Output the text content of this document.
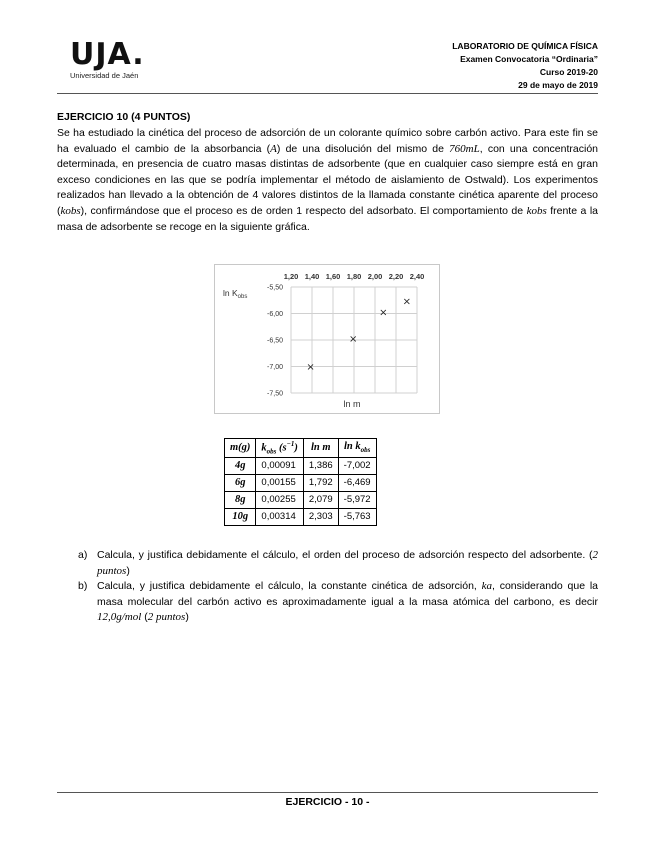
UJA.
Universidad de Jaén
LABORATORIO DE QUÍMICA FÍSICA
Examen Convocatoria “Ordinaria”
Curso 2019-20
29 de mayo de 2019
EJERCICIO 10 (4 PUNTOS)
Se ha estudiado la cinética del proceso de adsorción de un colorante químico sobre carbón activo. Para este fin se ha evaluado el cambio de la absorbancia (A) de una disolución del mismo de 760mL, con una concentración determinada, en presencia de cuatro masas distintas de adsorbente (que en cualquier caso siempre está en gran exceso condiciones en las que se podría implementar el método de aislamiento de Ostwald). Los experimentos realizados han llevado a la obtención de 4 valores distintos de la llamada constante cinética aparente del proceso (kobs), confirmándose que el proceso es de orden 1 respecto del adsorbato. El comportamiento de kobs frente a la masa de adsorbente se recoge en la siguiente gráfica.
1,20 1,40 1,60 1,80 2,00 2,20 2,40
-5,50
-6,00
-6,50
-7,00
-7,50
$\ln K_{obs}$
ln m
×
×
×
×
m(g)	$k_{obs}$ $(s^{-1})$	ln m	$\ln k_{obs}$
4g	0,00091	1,386	-7,002
6g	0,00155	1,792	-6,469
8g	0,00255	2,079	-5,972
10g	0,00314	2,303	-5,763
a) Calcula, y justifica debidamente el cálculo, el orden del proceso de adsorción respecto del adsorbente. (2 puntos)
b) Calcula, y justifica debidamente el cálculo, la constante cinética de adsorción, ka, considerando que la masa molecular del carbón activo es aproximadamente igual a la masa atómica del carbono, es decir 12,0g/mol (2 puntos)
EJERCICIO - 10 -
